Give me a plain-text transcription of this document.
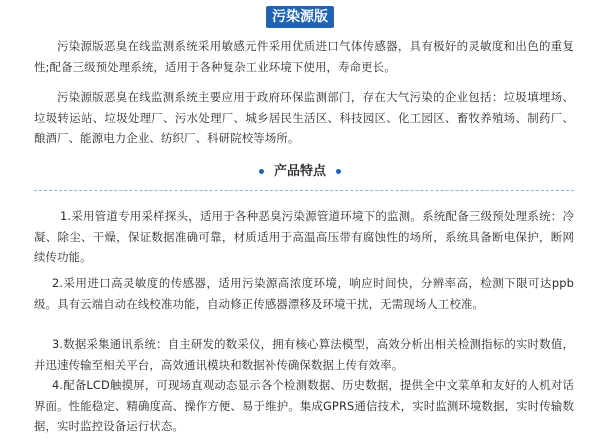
污染源版

污染源版恶臭在线监测系统采用敏感元件采用优质进口气体传感器，具有极好的灵敏度和出色的重复性;配备三级预处理系统，适用于各种复杂工业环境下使用，寿命更长。

污染源版恶臭在线监测系统主要应用于政府环保监测部门，存在大气污染的企业包括：垃圾填埋场、垃圾转运站、垃圾处理厂、污水处理厂、城乡居民生活区、科技园区、化工园区、畜牧养殖场、制药厂、酿酒厂、能源电力企业、纺织厂、科研院校等场所。

产品特点

1.采用管道专用采样探头，适用于各种恶臭污染源管道环境下的监测。系统配备三级预处理系统：冷凝、除尘、干燥，保证数据准确可靠，材质适用于高温高压带有腐蚀性的场所，系统具备断电保护，断网续传功能。

2.采用进口高灵敏度的传感器，适用污染源高浓度环境，响应时间快，分辨率高，检测下限可达ppb级。具有云端自动在线校准功能，自动修正传感器漂移及环境干扰，无需现场人工校准。

3.数据采集通讯系统：自主研发的数采仪，拥有核心算法模型，高效分析出相关检测指标的实时数值，并迅速传输至相关平台，高效通讯模块和数据补传确保数据上传有效率。

4.配备LCD触摸屏，可现场直观动态显示各个检测数据、历史数据，提供全中文菜单和友好的人机对话界面。性能稳定、精确度高、操作方便、易于维护。集成GPRS通信技术，实时监测环境数据，实时传输数据，实时监控设备运行状态。
